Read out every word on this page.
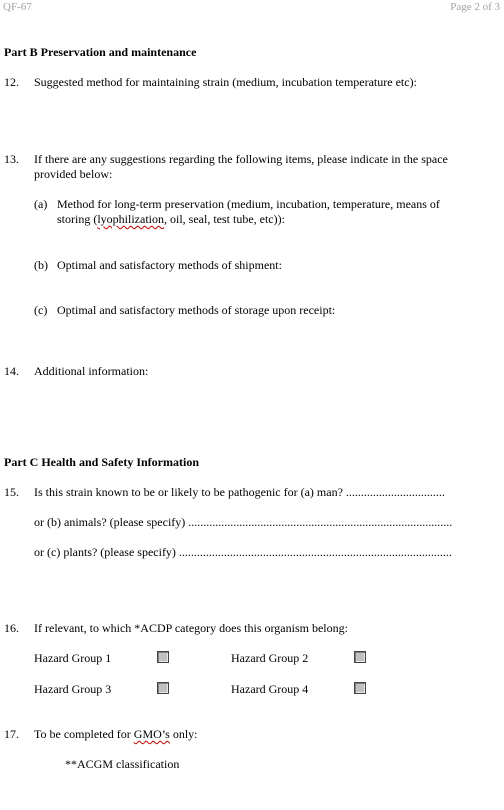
QF-67	Page 2 of 3
Part B Preservation and maintenance
12. Suggested method for maintaining strain (medium, incubation temperature etc):
13. If there are any suggestions regarding the following items, please indicate in the space
provided below:
(a) Method for long-term preservation (medium, incubation, temperature, means of
storing (lyophilization, oil, seal, test tube, etc)):
(b) Optimal and satisfactory methods of shipment:
(c) Optimal and satisfactory methods of storage upon receipt:
14. Additional information:
Part C Health and Safety Information
15. Is this strain known to be or likely to be pathogenic for (a) man? .................................
or (b) animals? (please specify) ........................................................................................
or (c) plants? (please specify) ...........................................................................................
16. If relevant, to which *ACDP category does this organism belong:
Hazard Group 1	Hazard Group 2
Hazard Group 3	Hazard Group 4
17. To be completed for GMO’s only:
**ACGM classification
